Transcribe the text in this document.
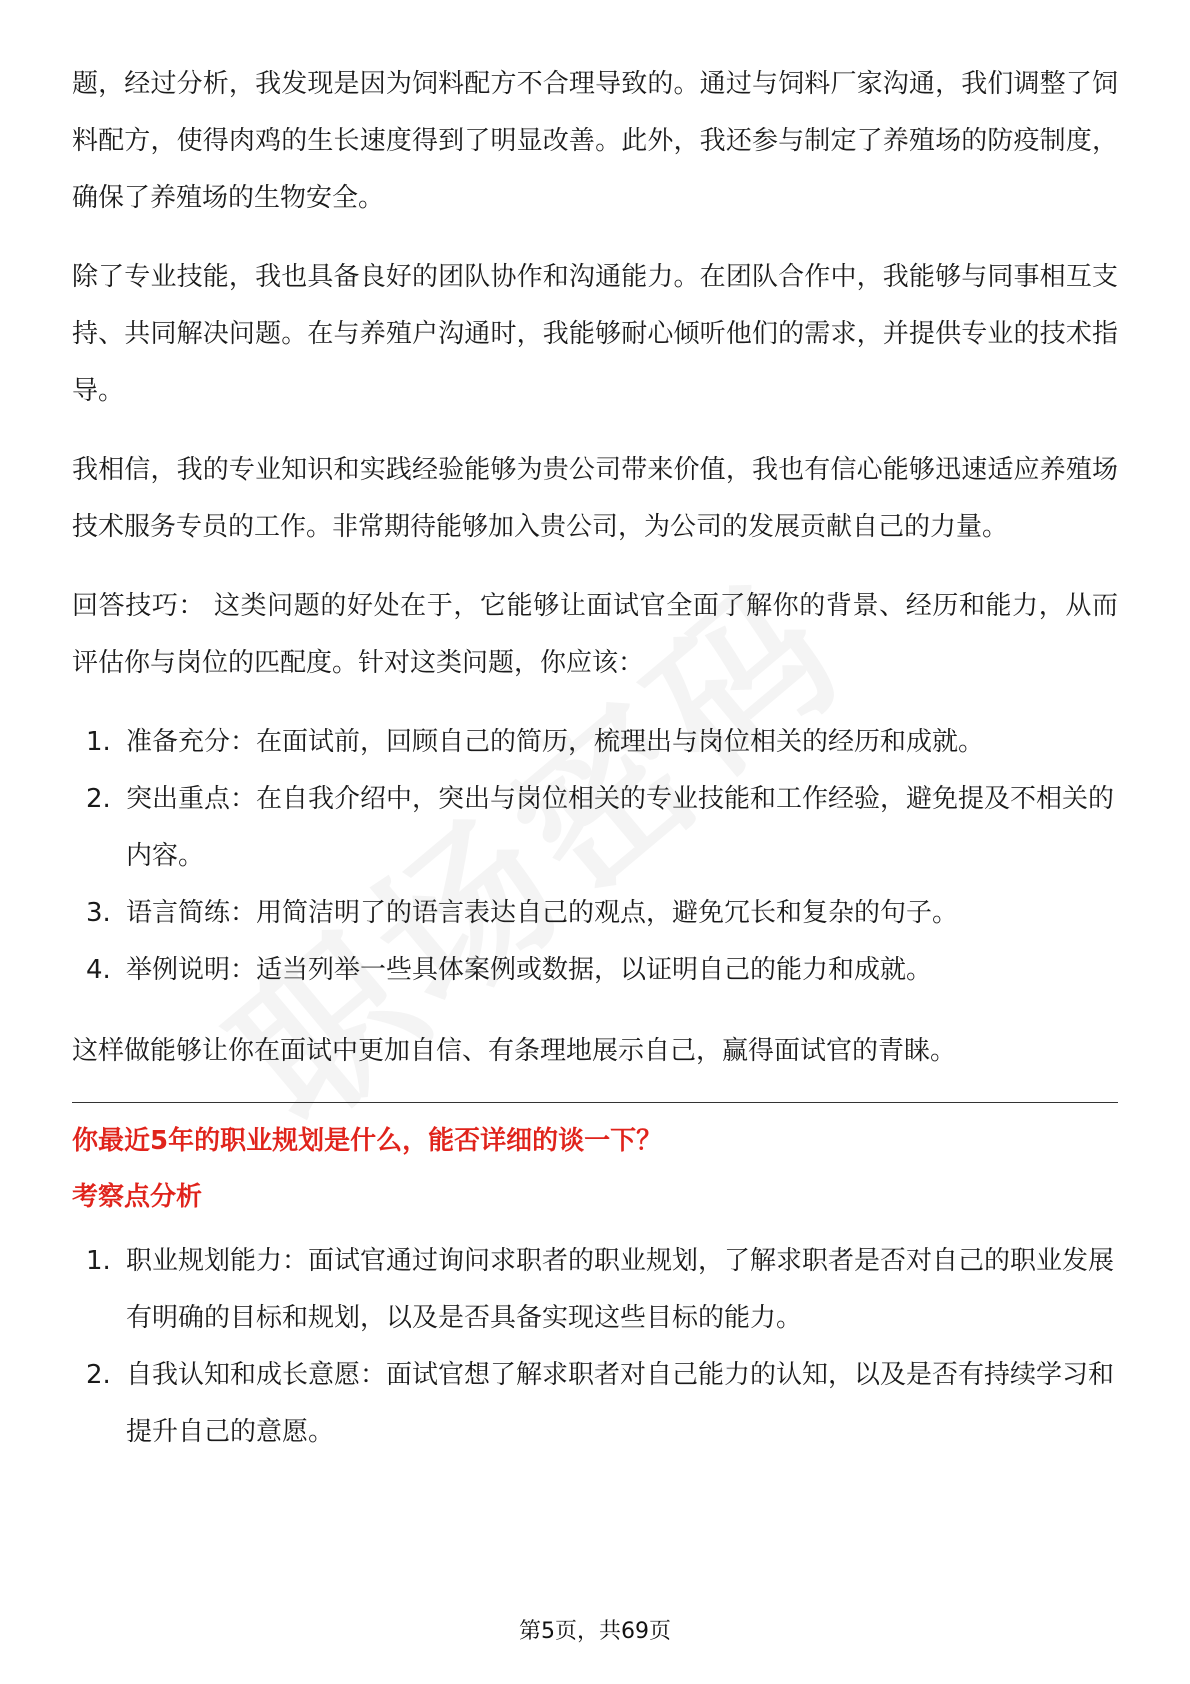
题，经过分析，我发现是因为饲料配方不合理导致的。通过与饲料厂家沟通，我们调整了饲料配方，使得肉鸡的生长速度得到了明显改善。此外，我还参与制定了养殖场的防疫制度，确保了养殖场的生物安全。

除了专业技能，我也具备良好的团队协作和沟通能力。在团队合作中，我能够与同事相互支持、共同解决问题。在与养殖户沟通时，我能够耐心倾听他们的需求，并提供专业的技术指导。

我相信，我的专业知识和实践经验能够为贵公司带来价值，我也有信心能够迅速适应养殖场技术服务专员的工作。非常期待能够加入贵公司，为公司的发展贡献自己的力量。

回答技巧： 这类问题的好处在于，它能够让面试官全面了解你的背景、经历和能力，从而评估你与岗位的匹配度。针对这类问题，你应该：

1. 准备充分：在面试前，回顾自己的简历，梳理出与岗位相关的经历和成就。
2. 突出重点：在自我介绍中，突出与岗位相关的专业技能和工作经验，避免提及不相关的内容。
3. 语言简练：用简洁明了的语言表达自己的观点，避免冗长和复杂的句子。
4. 举例说明：适当列举一些具体案例或数据，以证明自己的能力和成就。

这样做能够让你在面试中更加自信、有条理地展示自己，赢得面试官的青睐。

你最近5年的职业规划是什么，能否详细的谈一下？

考察点分析

1. 职业规划能力：面试官通过询问求职者的职业规划，了解求职者是否对自己的职业发展有明确的目标和规划，以及是否具备实现这些目标的能力。
2. 自我认知和成长意愿：面试官想了解求职者对自己能力的认知，以及是否有持续学习和提升自己的意愿。
第5页，共69页
